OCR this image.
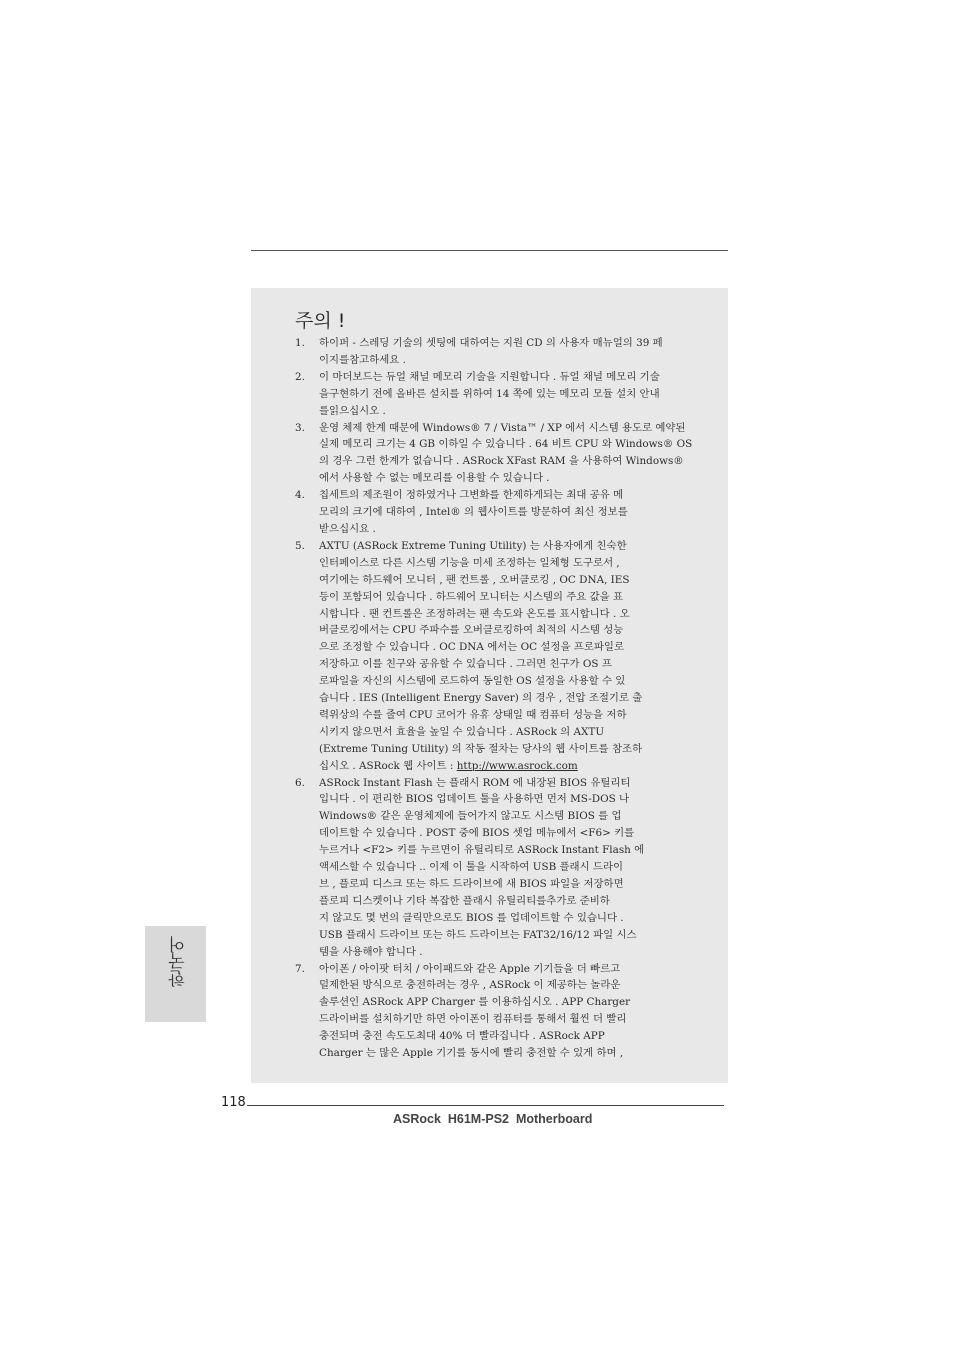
주의 !
1. 하이퍼 - 스레딩 기술의 셋팅에 대하여는 지원 CD 의 사용자 매뉴얼의 39 페
이지를참고하세요 .
2. 이 마더보드는 듀얼 채널 메모리 기술을 지원합니다 . 듀얼 채널 메모리 기술
을구현하기 전에 올바른 설치를 위하여 14 쪽에 있는 메모리 모듈 설치 안내
를읽으십시오 .
3. 운영 체제 한계 때문에 Windows® 7 / Vista™ / XP 에서 시스템 용도로 예약된
실제 메모리 크기는 4 GB 이하일 수 있습니다 . 64 비트 CPU 와 Windows® OS
의 경우 그런 한계가 없습니다 . ASRock XFast RAM 을 사용하여 Windows®
에서 사용할 수 없는 메모리를 이용할 수 있습니다 .
4. 칩세트의 제조원이 정하였거나 그변화를 한제하게되는 최대 공유 메
모리의 크기에 대하여 , Intel® 의 웹사이트를 방문하여 최신 정보를
받으십시요 .
5. AXTU (ASRock Extreme Tuning Utility) 는 사용자에게 친숙한
인터페이스로 다른 시스템 기능을 미세 조정하는 일체형 도구로서 ,
여기에는 하드웨어 모니터 , 팬 컨트롤 , 오버클로킹 , OC DNA, IES
등이 포함되어 있습니다 . 하드웨어 모니터는 시스템의 주요 값을 표
시합니다 . 팬 컨트롤은 조정하려는 팬 속도와 온도를 표시합니다 . 오
버클로킹에서는 CPU 주파수를 오버클로킹하여 최적의 시스템 성능
으로 조정할 수 있습니다 . OC DNA 에서는 OC 설정을 프로파일로
저장하고 이를 친구와 공유할 수 있습니다 . 그러면 친구가 OS 프
로파일을 자신의 시스템에 로드하여 동일한 OS 설정을 사용할 수 있
습니다 . IES (Intelligent Energy Saver) 의 경우 , 전압 조절기로 출
력위상의 수를 줄여 CPU 코어가 유휴 상태일 때 컴퓨터 성능을 저하
시키지 않으면서 효율을 높일 수 있습니다 . ASRock 의 AXTU
(Extreme Tuning Utility) 의 작동 절차는 당사의 웹 사이트를 참조하
십시오 . ASRock 웹 사이트 : http://www.asrock.com
6. ASRock Instant Flash 는 플래시 ROM 에 내장된 BIOS 유틸리티
입니다 . 이 편리한 BIOS 업데이트 툴을 사용하면 먼저 MS-DOS 나
Windows® 같은 운영체제에 들어가지 않고도 시스템 BIOS 를 업
데이트할 수 있습니다 . POST 중에 BIOS 셋업 메뉴에서 <F6> 키를
누르거나 <F2> 키를 누르면이 유틸리티로 ASRock Instant Flash 에
액세스할 수 있습니다 .. 이제 이 툴을 시작하여 USB 플래시 드라이
브 , 플로피 디스크 또는 하드 드라이브에 새 BIOS 파일을 저장하면
플로피 디스켓이나 기타 복잡한 플래시 유틸리티를추가로 준비하
지 않고도 몇 번의 클릭만으로도 BIOS 를 업데이트할 수 있습니다 .
USB 플래시 드라이브 또는 하드 드라이브는 FAT32/16/12 파일 시스
템을 사용해야 합니다 .
7. 아이폰 / 아이팟 터치 / 아이패드와 같은 Apple 기기들을 더 빠르고
덜제한된 방식으로 충전하려는 경우 , ASRock 이 제공하는 놀라운
솔루션인 ASRock APP Charger 를 이용하십시오 . APP Charger
드라이버를 설치하기만 하면 아이폰이 컴퓨터를 통해서 훨씬 더 빨리
충전되며 충전 속도도최대 40% 더 빨라집니다 . ASRock APP
Charger 는 많은 Apple 기기를 동시에 빨리 충전할 수 있게 하며 ,
한국어
118
ASRock  H61M-PS2  Motherboard
